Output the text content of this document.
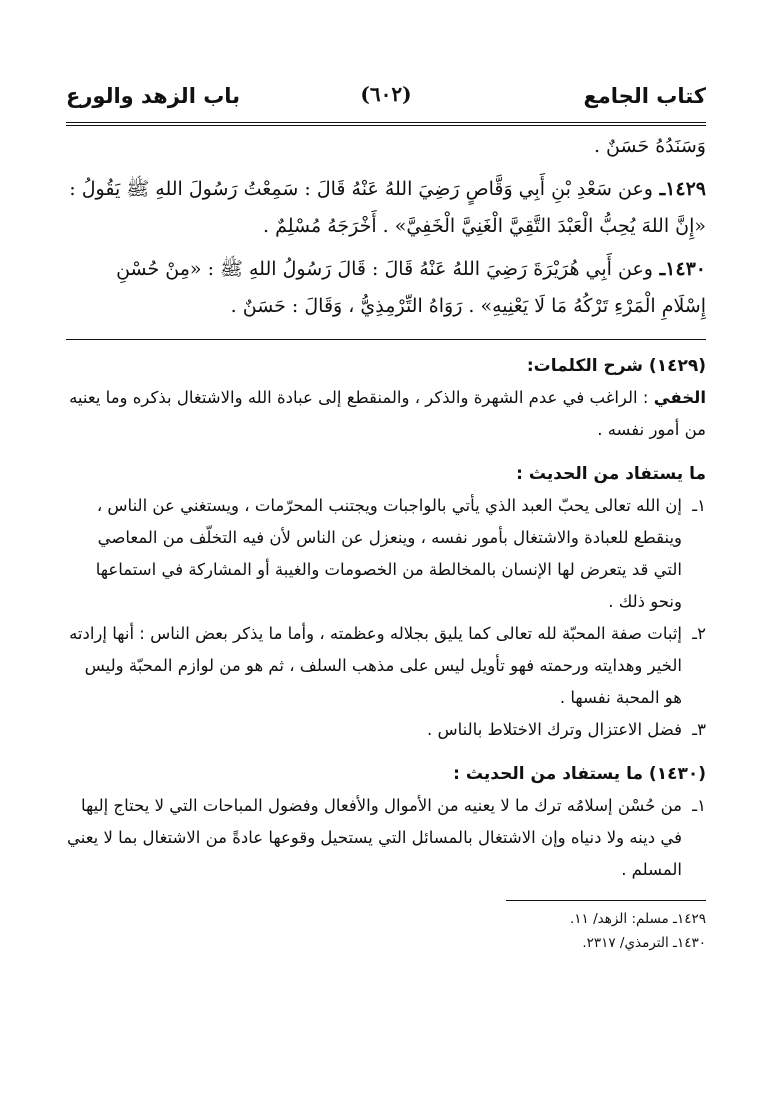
كتاب الجامع
(٦٠٢)
باب الزهد والورع

وَسَنَدُهُ حَسَنٌ .

١٤٢٩ـوعن سَعْدِ بْنِ أَبِي وَقَّاصٍ رَضِيَ اللهُ عَنْهُ قَالَ : سَمِعْتُ رَسُولَ اللهِ ﷺ يَقُولُ : «إِنَّ اللهَ يُحِبُّ الْعَبْدَ التَّقِيَّ الْغَنِيَّ الْخَفِيَّ» . أَخْرَجَهُ مُسْلِمٌ .

١٤٣٠ـوعن أَبِي هُرَيْرَةَ رَضِيَ اللهُ عَنْهُ قَالَ : قَالَ رَسُولُ اللهِ ﷺ : «مِنْ حُسْنِ إِسْلَامِ الْمَرْءِ تَرْكُهُ مَا لَا يَعْنِيهِ» . رَوَاهُ التِّرْمِذِيُّ ، وَقَالَ : حَسَنٌ .

(١٤٢٩) شرح الكلمات:

الخفي : الراغب في عدم الشهرة والذكر ، والمنقطع إلى عبادة الله والاشتغال بذكره وما يعنيه من أمور نفسه .

ما يستفاد من الحديث :

١ـ
إن الله تعالى يحبّ العبد الذي يأتي بالواجبات ويجتنب المحرّمات ، ويستغني عن الناس ، وينقطع للعبادة والاشتغال بأمور نفسه ، وينعزل عن الناس لأن فيه التخلّف من المعاصي التي قد يتعرض لها الإنسان بالمخالطة من الخصومات والغيبة أو المشاركة في استماعها ونحو ذلك .
٢ـ
إثبات صفة المحبّة لله تعالى كما يليق بجلاله وعظمته ، وأما ما يذكر بعض الناس : أنها إرادته الخير وهدايته ورحمته فهو تأويل ليس على مذهب السلف ، ثم هو من لوازم المحبّة وليس هو المحبة نفسها .
٣ـ
فضل الاعتزال وترك الاختلاط بالناس .

(١٤٣٠) ما يستفاد من الحديث :

١ـ
من حُسْن إسلامُه ترك ما لا يعنيه من الأموال والأفعال وفضول المباحات التي لا يحتاج إليها في دينه ولا دنياه وإن الاشتغال بالمسائل التي يستحيل وقوعها عادةً من الاشتغال بما لا يعني المسلم .
١٤٢٩ـ مسلم: الزهد/ ١١.
١٤٣٠ـ الترمذي/ ٢٣١٧.
